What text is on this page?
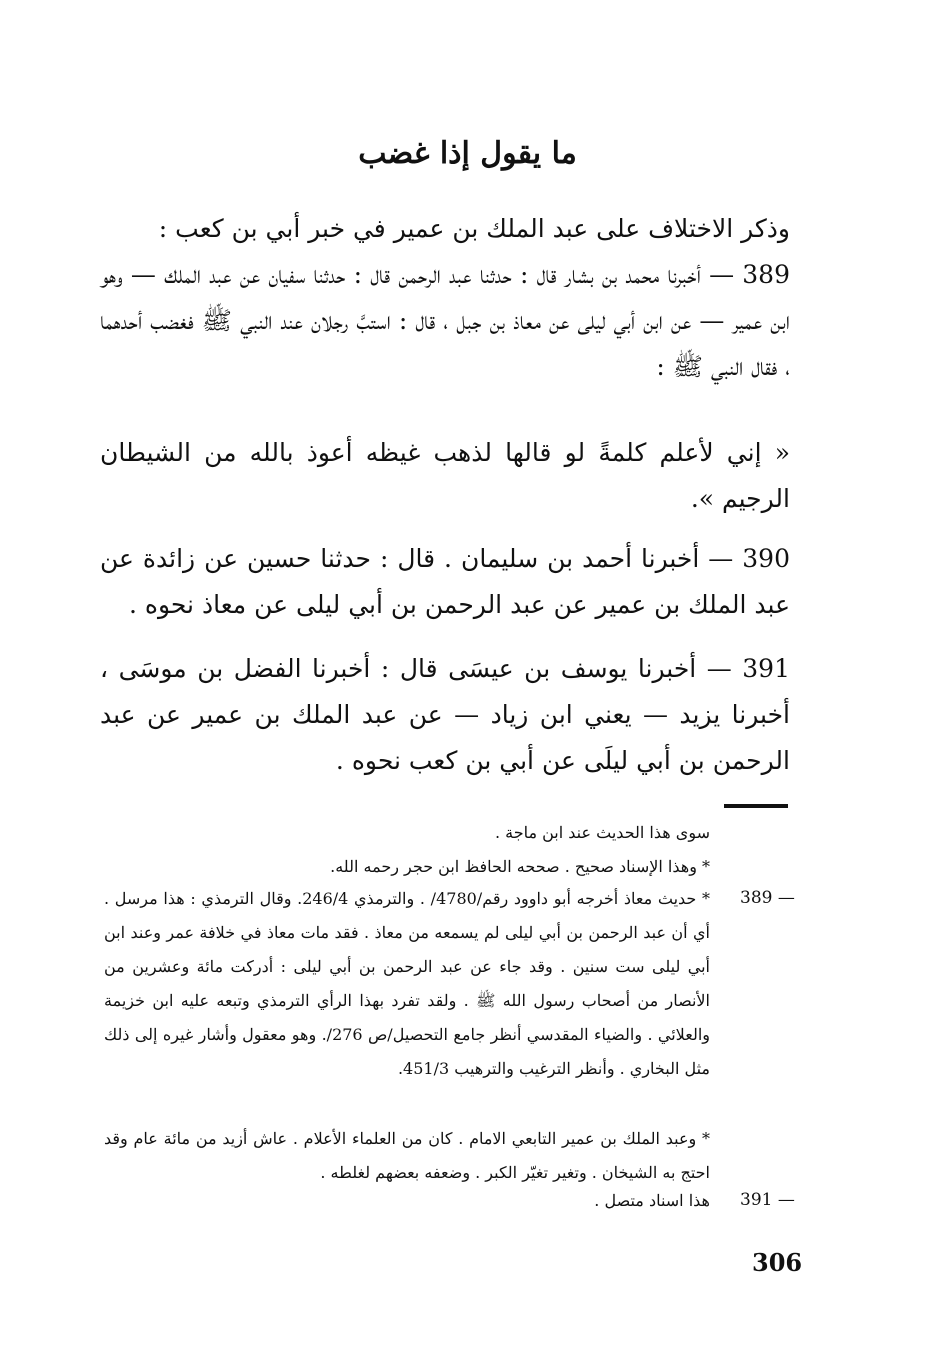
ما يقول إذا غضب
وذكر الاختلاف على عبد الملك بن عمير في خبر أبي بن كعب :
389 — أخبرنا محمد بن بشار قال : حدثنا عبد الرحمن قال : حدثنا سفيان عن عبد الملك — وهو ابن عمير — عن ابن أبي ليلى عن معاذ بن جبل ، قال : استبَّ رجلان عند النبي ﷺ فغضب أحدهما ، فقال النبي ﷺ :
« إني لأعلم كلمةً لو قالها لذهب غيظه أعوذ بالله من الشيطان الرجيم ».
390 — أخبرنا أحمد بن سليمان . قال : حدثنا حسين عن زائدة عن عبد الملك بن عمير عن عبد الرحمن بن أبي ليلى عن معاذ نحوه .
391 — أخبرنا يوسف بن عيسَى قال : أخبرنا الفضل بن موسَى ، أخبرنا يزيد — يعني ابن زياد — عن عبد الملك بن عمير عن عبد الرحمن بن أبي ليلَى عن أبي بن كعب نحوه .
سوى هذا الحديث عند ابن ماجة .
* وهذا الإسناد صحيح . صححه الحافظ ابن حجر رحمه الله.
389 —
* حديث معاذ أخرجه أبو داوود رقم/4780/ . والترمذي 246/4. وقال الترمذي : هذا مرسل . أي أن عبد الرحمن بن أبي ليلى لم يسمعه من معاذ . فقد مات معاذ في خلافة عمر وعند ابن أبي ليلى ست سنين . وقد جاء عن عبد الرحمن بن أبي ليلى : أدركت مائة وعشرين من الأنصار من أصحاب رسول الله ﷺ . ولقد تفرد بهذا الرأي الترمذي وتبعه عليه ابن خزيمة والعلائي . والضياء المقدسي أنظر جامع التحصيل/ص 276/. وهو معقول وأشار غيره إلى ذلك مثل البخاري . وأنظر الترغيب والترهيب 451/3.
* وعبد الملك بن عمير التابعي الامام . كان من العلماء الأعلام . عاش أزيد من مائة عام وقد احتج به الشيخان . وتغير تغيّر الكبر . وضعفه بعضهم لغلطه .
391 —
هذا اسناد متصل .
306
